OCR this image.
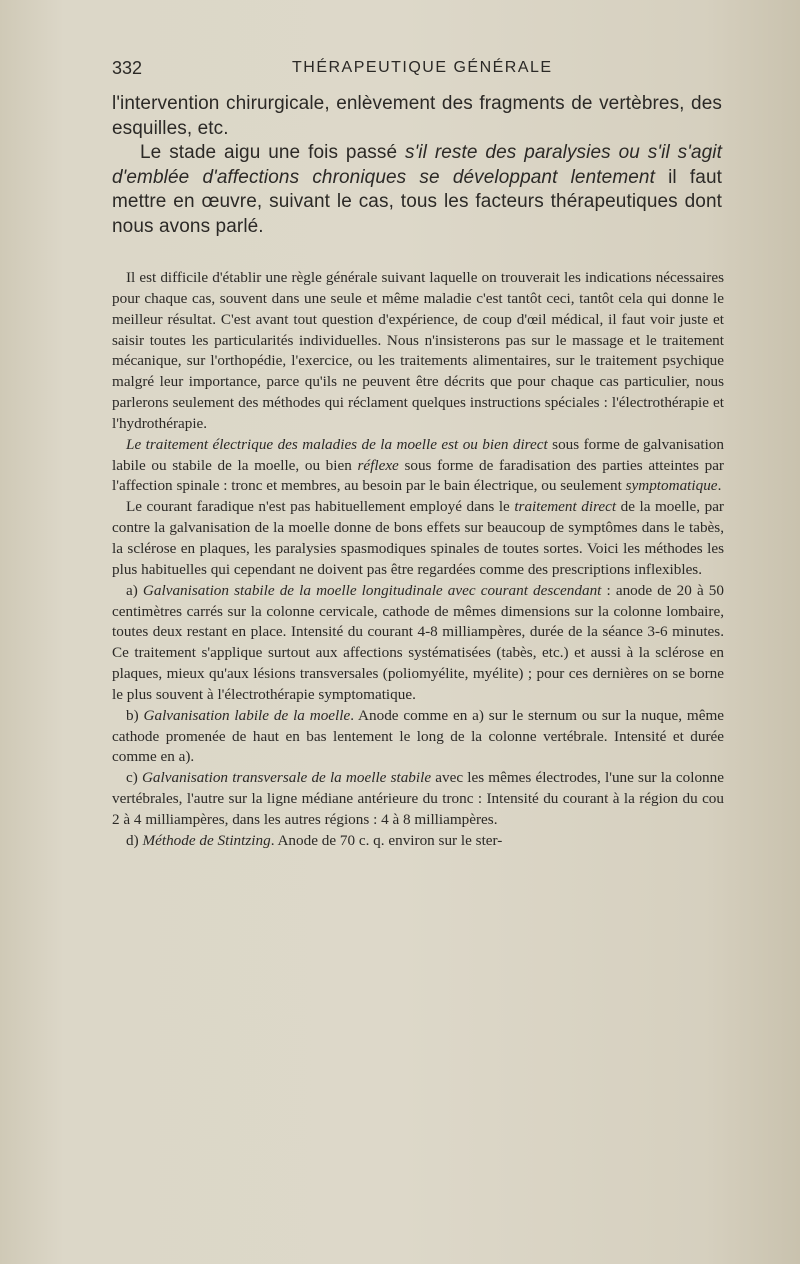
332	THÉRAPEUTIQUE GÉNÉRALE

l'intervention chirurgicale, enlèvement des fragments de vertèbres, des esquilles, etc.

Le stade aigu une fois passé s'il reste des paralysies ou s'il s'agit d'emblée d'affections chroniques se développant lentement il faut mettre en œuvre, suivant le cas, tous les facteurs thérapeutiques dont nous avons parlé.

Il est difficile d'établir une règle générale suivant laquelle on trouverait les indications nécessaires pour chaque cas, souvent dans une seule et même maladie c'est tantôt ceci, tantôt cela qui donne le meilleur résultat. C'est avant tout question d'expérience, de coup d'œil médical, il faut voir juste et saisir toutes les particularités individuelles. Nous n'insisterons pas sur le massage et le traitement mécanique, sur l'orthopédie, l'exercice, ou les traitements alimentaires, sur le traitement psychique malgré leur importance, parce qu'ils ne peuvent être décrits que pour chaque cas particulier, nous parlerons seulement des méthodes qui réclament quelques instructions spéciales : l'électrothérapie et l'hydrothérapie.

Le traitement électrique des maladies de la moelle est ou bien direct sous forme de galvanisation labile ou stabile de la moelle, ou bien réflexe sous forme de faradisation des parties atteintes par l'affection spinale : tronc et membres, au besoin par le bain électrique, ou seulement symptomatique.

Le courant faradique n'est pas habituellement employé dans le traitement direct de la moelle, par contre la galvanisation de la moelle donne de bons effets sur beaucoup de symptômes dans le tabès, la sclérose en plaques, les paralysies spasmodiques spinales de toutes sortes. Voici les méthodes les plus habituelles qui cependant ne doivent pas être regardées comme des prescriptions inflexibles.

a) Galvanisation stabile de la moelle longitudinale avec courant descendant : anode de 20 à 50 centimètres carrés sur la colonne cervicale, cathode de mêmes dimensions sur la colonne lombaire, toutes deux restant en place. Intensité du courant 4-8 milliampères, durée de la séance 3-6 minutes. Ce traitement s'applique surtout aux affections systématisées (tabès, etc.) et aussi à la sclérose en plaques, mieux qu'aux lésions transversales (poliomyélite, myélite) ; pour ces dernières on se borne le plus souvent à l'électrothérapie symptomatique.

b) Galvanisation labile de la moelle. Anode comme en a) sur le sternum ou sur la nuque, même cathode promenée de haut en bas lentement le long de la colonne vertébrale. Intensité et durée comme en a).

c) Galvanisation transversale de la moelle stabile avec les mêmes électrodes, l'une sur la colonne vertébrales, l'autre sur la ligne médiane antérieure du tronc : Intensité du courant à la région du cou 2 à 4 milliampères, dans les autres régions : 4 à 8 milliampères.

d) Méthode de Stintzing. Anode de 70 c. q. environ sur le ster-
